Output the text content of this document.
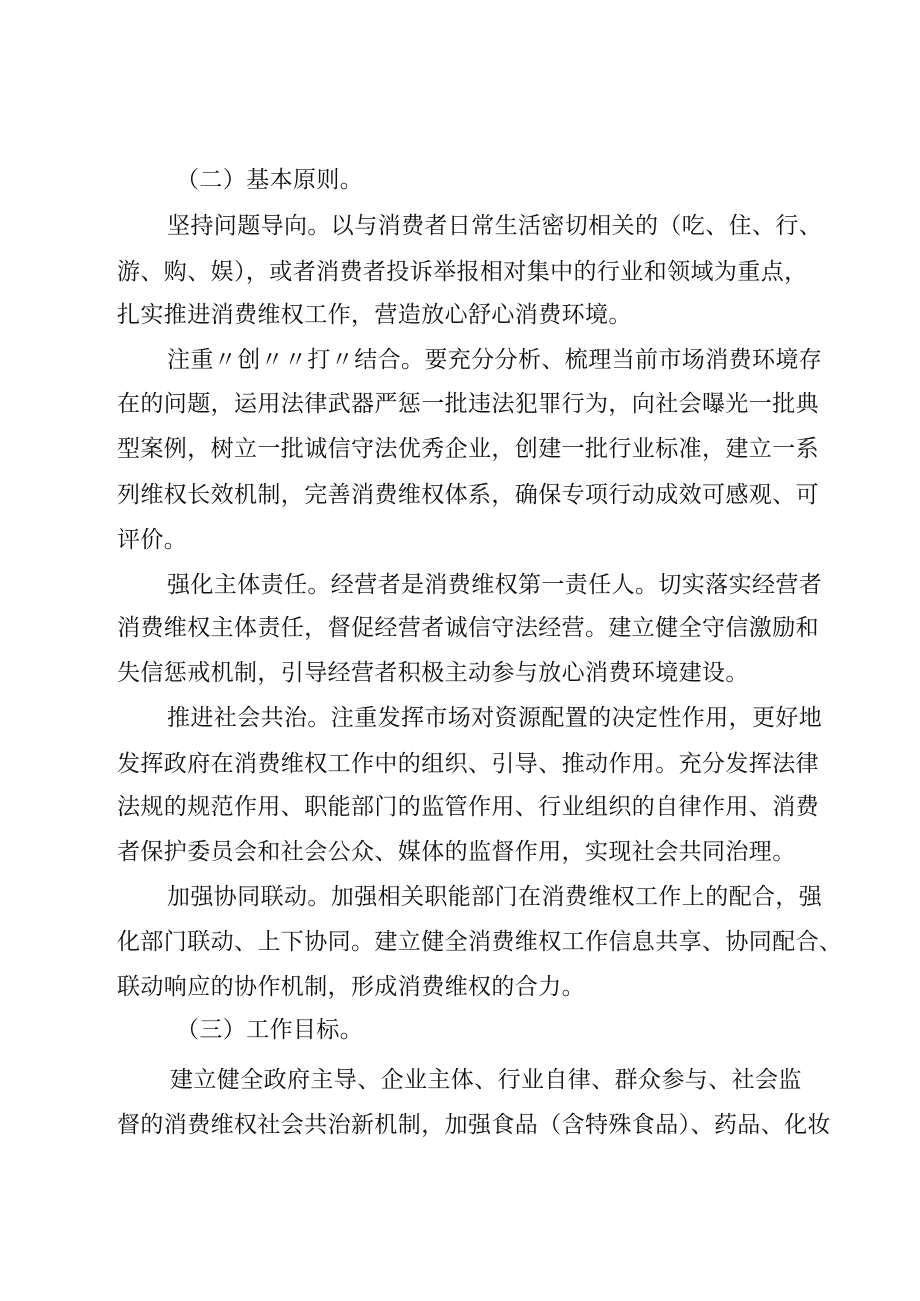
（二）基本原则。
坚持问题导向。以与消费者日常生活密切相关的（吃、住、行、
游、购、娱），或者消费者投诉举报相对集中的行业和领域为重点，
扎实推进消费维权工作，营造放心舒心消费环境。
注重〃创〃〃打〃结合。要充分分析、梳理当前市场消费环境存
在的问题，运用法律武器严惩一批违法犯罪行为，向社会曝光一批典
型案例，树立一批诚信守法优秀企业，创建一批行业标准，建立一系
列维权长效机制，完善消费维权体系，确保专项行动成效可感观、可
评价。
强化主体责任。经营者是消费维权第一责任人。切实落实经营者
消费维权主体责任，督促经营者诚信守法经营。建立健全守信激励和
失信惩戒机制，引导经营者积极主动参与放心消费环境建设。
推进社会共治。注重发挥市场对资源配置的决定性作用，更好地
发挥政府在消费维权工作中的组织、引导、推动作用。充分发挥法律
法规的规范作用、职能部门的监管作用、行业组织的自律作用、消费
者保护委员会和社会公众、媒体的监督作用，实现社会共同治理。
加强协同联动。加强相关职能部门在消费维权工作上的配合，强
化部门联动、上下协同。建立健全消费维权工作信息共享、协同配合、
联动响应的协作机制，形成消费维权的合力。
（三）工作目标。
建立健全政府主导、企业主体、行业自律、群众参与、社会监
督的消费维权社会共治新机制，加强食品（含特殊食品）、药品、化妆
